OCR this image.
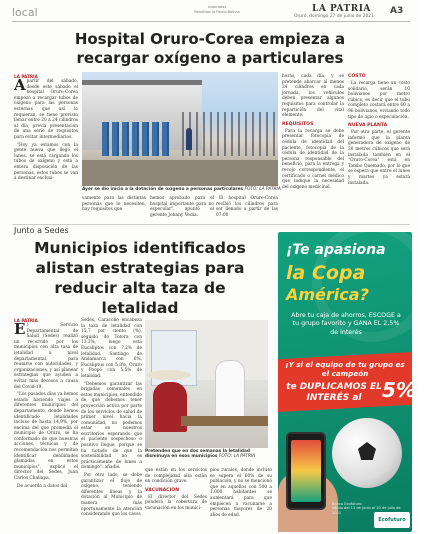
local	Inspiradas
Rendidos la Patria Bolivia	LA PATRIA
Oruro, domingo 27 de junio de 2021
A3
Hospital Oruro-Corea empieza a recargar oxígeno a particulares
LA PATRIA

Apartir del sábado, desde este sábado el hospital Oruro-Corea empezó a recargar tubos de oxígeno para las personas externas que así lo requieran, se tiene previsto llenar entre 20 a 24 cilindros al día, previa presentación de una serie de requisitos para evitar intermediarios.

"Hoy ya estamos con la gente nueva que llegó el lunes, se está cargando los tubos de oxígeno y está a entera disposición de las personas, estos tubos se van a destinar exclusi-

Ayer se dio inicio a la dotación de oxígeno a personas particulares FOTO: LA PATRIA

vamente para las distintas personas que lo necesiten, hay requisitos que

hemos aprobado para el hospital importante para no especular", apuntó el gerente Johnny Vedia.

El hospital Oruro-Corea recibió los cilindros para ser llenado a partir de las 07:00

horas, cada día, y se pretende abarcar al menos 24 cilindros en cada jornada, los vehículos deben presentar algunos requisitos para controlar la repartición del vital elemento.

REQUISITOS

Para la recarga se debe presentar fotocopia de cédula de identidad del paciente, fotocopia de la cédula de identidad de la persona responsable del beneficio, para la entrega y recojo correspondiente, el certificado o carnet médico que indique la necesidad del oxígeno medicinal.

COSTO

La recarga tiene un costo solidario, serán 10 bolivianos por metro cúbico, es decir que el tubo completo costará entre 60 a 96 bolivianos, evitando todo tipo de agio o especulación.

NUEVA PLANTA

Por otra parte, el gerente informó que la planta generadora de oxígeno de 30 metros cúbicos que será instalada también en el "Oruro-Corea" está en Tambo Quemado, por lo que se espera que entre el lunes y martes ya estará instalada.

Junto a Sedes
Municipios identificados alistan estrategias para reducir alta taza de letalidad
LA PATRIA

El Servicio Departamental de Salud (Sedes) realizó un recorrido por los municipios con alta tasa de letalidad a nivel departamental, para reunirse con autoridades, y organizaciones, y así planear estrategias que ayuden a evitar más decesos a causa del Covid-19.

"Los pasados días ya hemos estado haciendo viajes a diferentes municipios del departamento, donde hemos identificado letalidades incluso de hasta 14,9%, por encima del que promedia el municipio de Oruro, se ha conformado de que nuestras acciones, técnicas y de recomendación nos permitan identificar debilidades glamadas en estos municipios", explicó el director del Sedes, Juan Carlos Challapa.

De acuerdo a datos del

Sedes, Caracollo encabeza la taza de letalidad con 15,7 por ciento (%), seguido de Totora con 13,3%, luego está Eucaliptos con 7,2% de letalidad, Santiago de Andamarca con 6%, Eucaliptus con 5,8%, Oruro y Poopó con 5,5% de letalidad.

"Debemos garantizar las brigadas comunales en estos municipios, entendido de que debemos tener proyección activa por parte de los servicios de salud de primer nivel hacia la comunidad, no podemos estar en nuestros escritorios esperando que el paciente sospechoso o positivo llegue, porque se ha notado de que la sostenibilidad no es prácticamente de lunes a domingo", añadió.

Por otro lado, se debe garantizar el flujo de oxígeno, teniendo diferentes líneas y la dotación al Municipio de manera más oportunamente la atención considerando que los casos

Pretenden que en dos semanas la letalidad disminuya en esos municipios FOTO: LA PATRIA

que están en los servicios de complejidad alta están en condición grave.

VACUNACIÓN

El director del Sedes ponderó la cobertura de vacunación en los munici-

pios rurales, donde incluso se supera el 60% de su población, y no se mencionó que en aquellos con 500 a 1.000 habitantes se aumentará para que empiecen a vacunarse a personas mayores de 20 años de edad.

¡Te apasiona
la Copa
América?
Abre tu caja de ahorros, ESCOGE a tu grupo favorito y GANA EL 2,5% de interés
¡Y si el equipo de tu grupo es el campeón
te DUPLICAMOS EL INTERÉS al	5%!
Banco Ecofuturo
Válido del 13 de junio al 10 de julio de 2021
Ecofuturo
